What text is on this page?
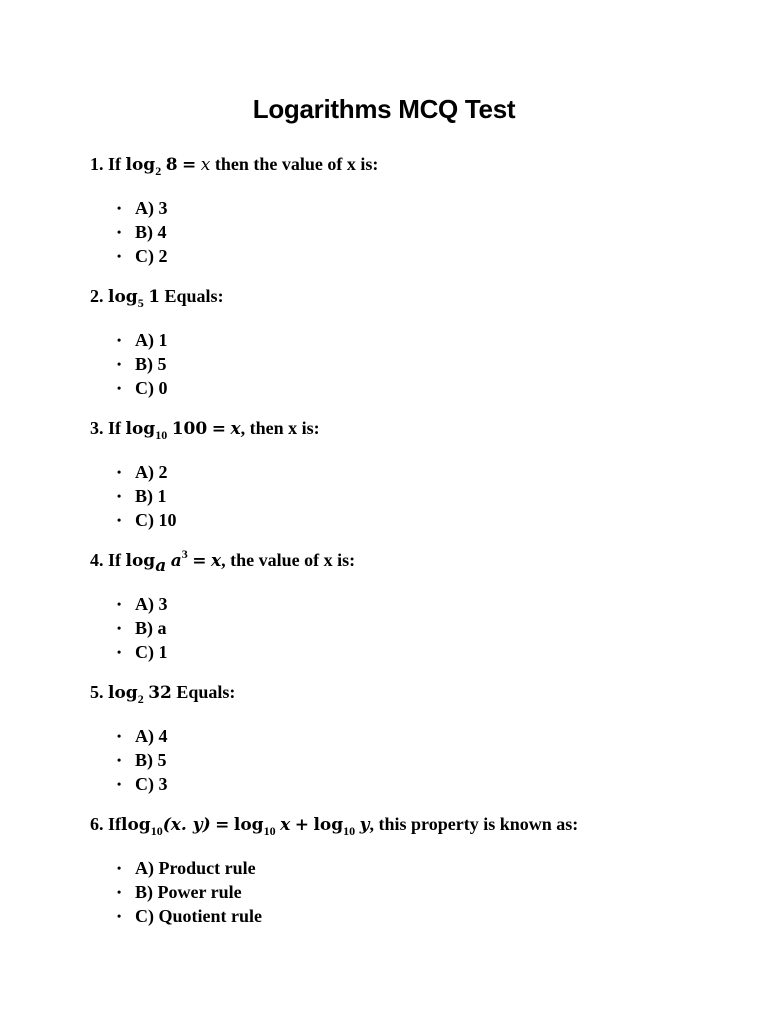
Logarithms MCQ Test
1. If $\log_2 8 = x$ then the value of x is:
• A) 3
• B) 4
• C) 2
2. $\log_5 1$ Equals:
• A) 1
• B) 5
• C) 0
3. If $\log_{10} 100 = x$, then x is:
• A) 2
• B) 1
• C) 10
4. If $\log_a a^3 = x$, the value of x is:
• A) 3
• B) a
• C) 1
5. $\log_2 32$ Equals:
• A) 4
• B) 5
• C) 3
6. Iflog$_{10}$(x. $y) = \log_{10} x + \log_{10} y$, this property is known as:
• A) Product rule
• B) Power rule
• C) Quotient rule
